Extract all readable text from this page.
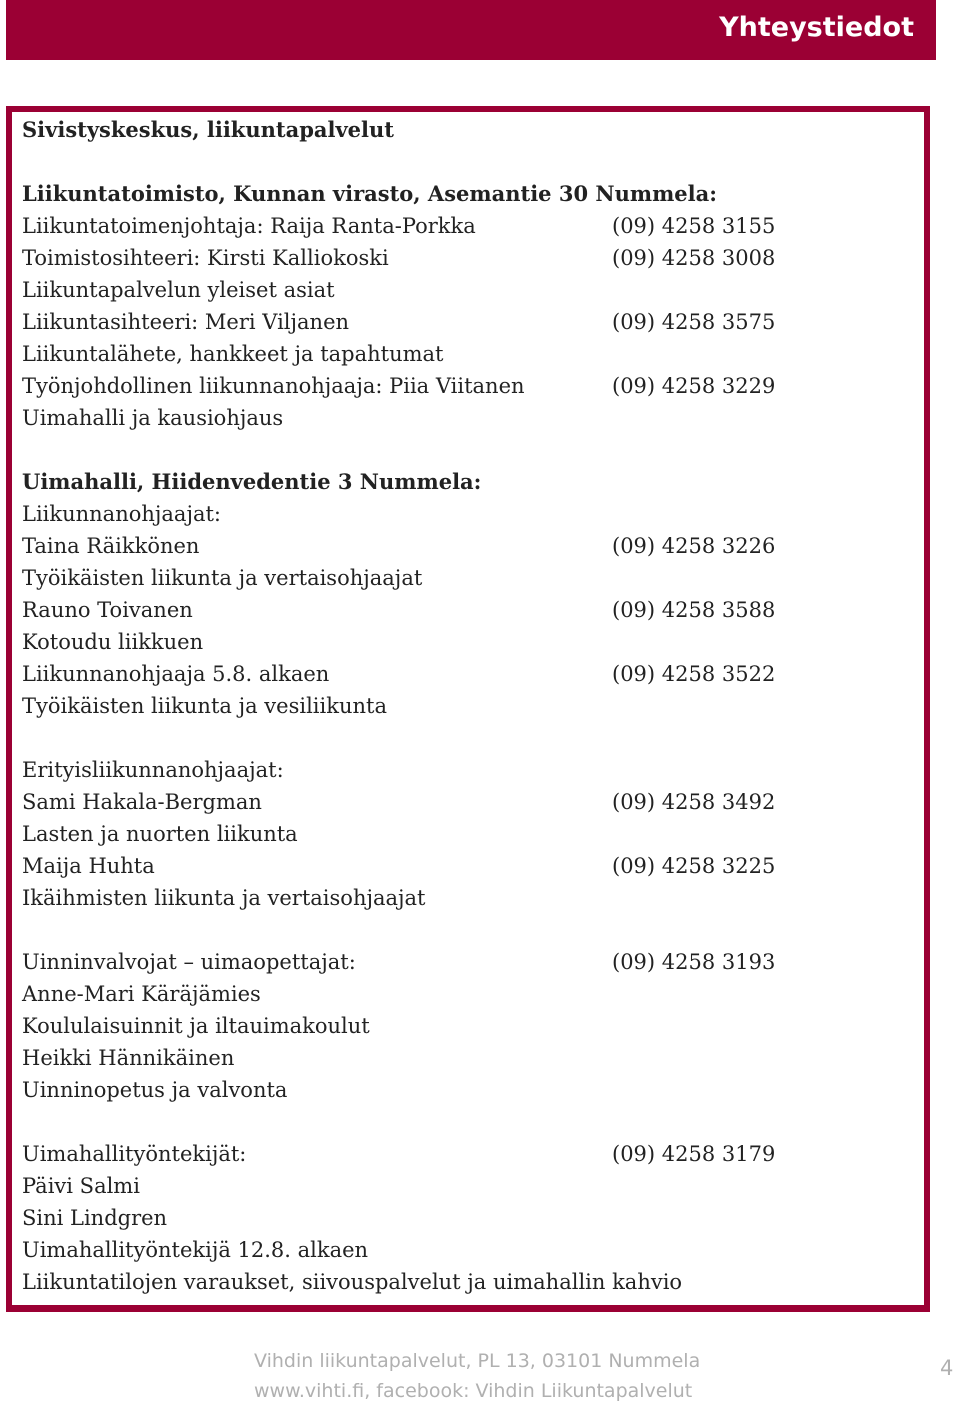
Yhteystiedot
Sivistyskeskus, liikuntapalvelut
Liikuntatoimisto, Kunnan virasto, Asemantie 30 Nummela:
Liikuntatoimenjohtaja: Raija Ranta-Porkka	(09) 4258 3155
Toimistosihteeri: Kirsti Kalliokoski	(09) 4258 3008
Liikuntapalvelun yleiset asiat
Liikuntasihteeri: Meri Viljanen	(09) 4258 3575
Liikuntalähete, hankkeet ja tapahtumat
Työnjohdollinen liikunnanohjaaja: Piia Viitanen	(09) 4258 3229
Uimahalli ja kausiohjaus
Uimahalli, Hiidenvedentie 3 Nummela:
Liikunnanohjaajat:
Taina Räikkönen	(09) 4258 3226
Työikäisten liikunta ja vertaisohjaajat
Rauno Toivanen	(09) 4258 3588
Kotoudu liikkuen
Liikunnanohjaaja 5.8. alkaen	(09) 4258 3522
Työikäisten liikunta ja vesiliikunta
Erityisliikunnanohjaajat:
Sami Hakala-Bergman	(09) 4258 3492
Lasten ja nuorten liikunta
Maija Huhta	(09) 4258 3225
Ikäihmisten liikunta ja vertaisohjaajat
Uinninvalvojat – uimaopettajat:	(09) 4258 3193
Anne-Mari Käräjämies
Koululaisuinnit ja iltauimakoulut
Heikki Hännikäinen
Uinninopetus ja valvonta
Uimahallityöntekijät:	(09) 4258 3179
Päivi Salmi
Sini Lindgren
Uimahallityöntekijä 12.8. alkaen
Liikuntatilojen varaukset, siivouspalvelut ja uimahallin kahvio
Vihdin liikuntapalvelut, PL 13, 03101 Nummela
www.vihti.fi, facebook: Vihdin Liikuntapalvelut
4
